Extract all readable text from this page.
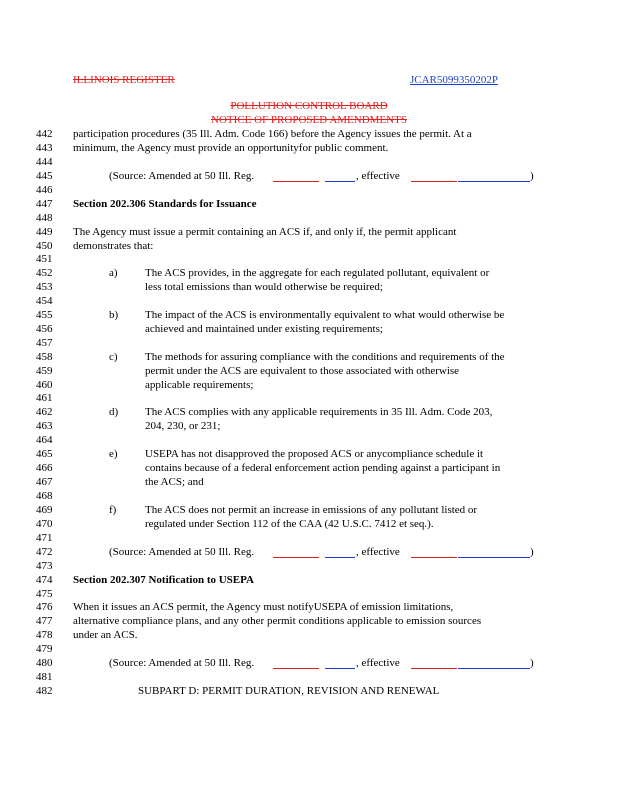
ILLINOIS REGISTER	JCAR5099350202P
POLLUTION CONTROL BOARD
NOTICE OF PROPOSED AMENDMENTS
442
443
444
445
446
447
448
449
450
451
452
453
454
455
456
457
458
459
460
461
462
463
464
465
466
467
468
469
470
471
472
473
474
475
476
477
478
479
480
481
482
participation procedures (35 Ill. Adm. Code 166) before the Agency issues the permit. At a
minimum, the Agency must provide an opportunityfor public comment.
(Source: Amended at 50 Ill. Reg.	, effective	)
Section 202.306 Standards for Issuance
The Agency must issue a permit containing an ACS if, and only if, the permit applicant
demonstrates that:
a) The ACS provides, in the aggregate for each regulated pollutant, equivalent or
less total emissions than would otherwise be required;
b) The impact of the ACS is environmentally equivalent to what would otherwise be
achieved and maintained under existing requirements;
c) The methods for assuring compliance with the conditions and requirements of the
permit under the ACS are equivalent to those associated with otherwise
applicable requirements;
d) The ACS complies with any applicable requirements in 35 Ill. Adm. Code 203,
204, 230, or 231;
e) USEPA has not disapproved the proposed ACS or anycompliance schedule it
contains because of a federal enforcement action pending against a participant in
the ACS; and
f)	The ACS does not permit an increase in emissions of any pollutant listed or
regulated under Section 112 of the CAA (42 U.S.C. 7412 et seq.).
(Source: Amended at 50 Ill. Reg.	, effective	)
Section 202.307 Notification to USEPA
When it issues an ACS permit, the Agency must notifyUSEPA of emission limitations,
alternative compliance plans, and any other permit conditions applicable to emission sources
under an ACS.
(Source: Amended at 50 Ill. Reg.	, effective	)
SUBPART D: PERMIT DURATION, REVISION AND RENEWAL
